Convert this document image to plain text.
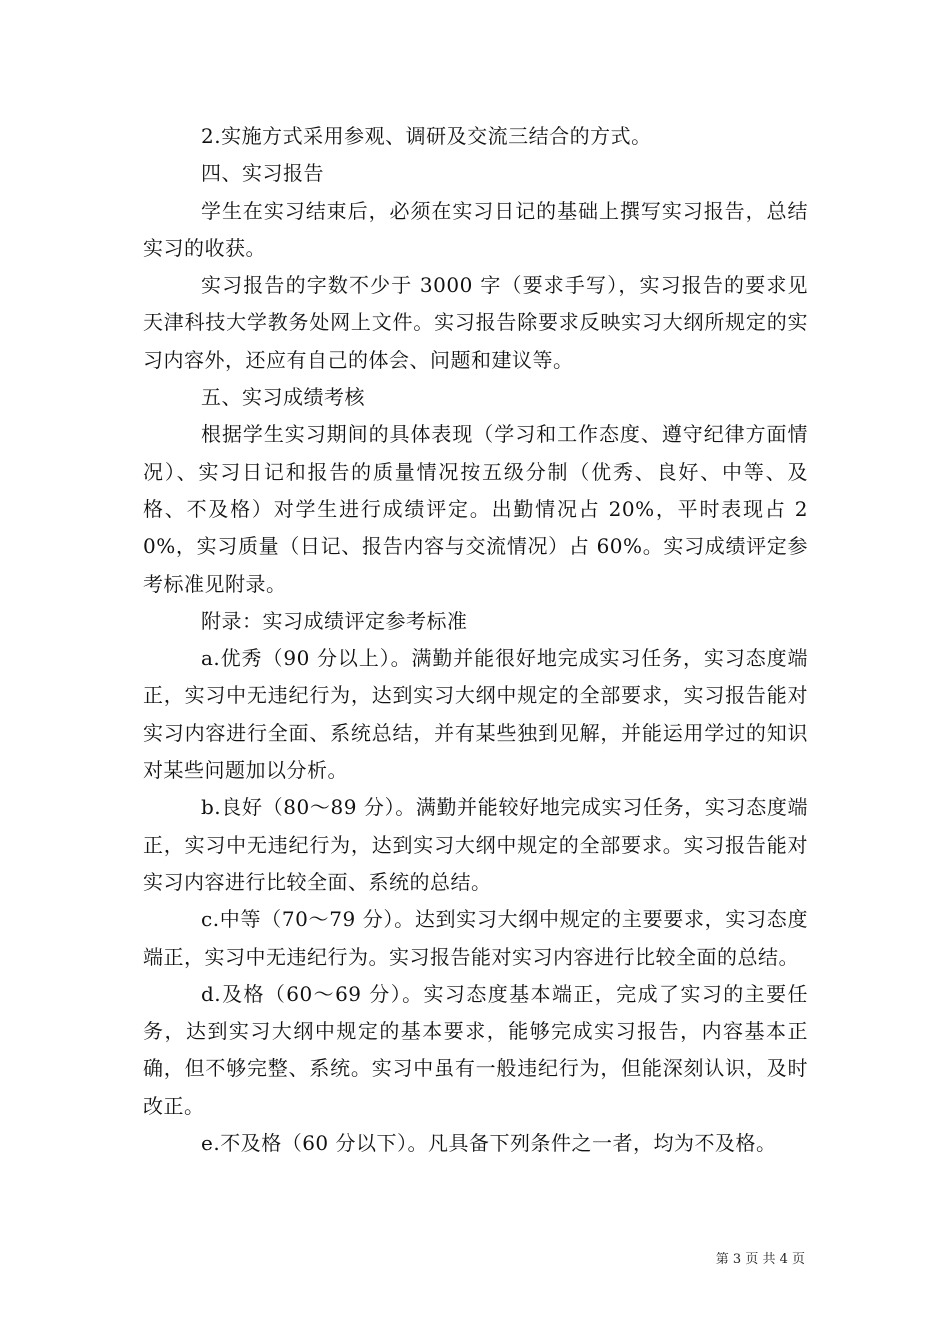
2.实施方式采用参观、调研及交流三结合的方式。

四、实习报告

学生在实习结束后，必须在实习日记的基础上撰写实习报告，总结实习的收获。

实习报告的字数不少于 3000 字（要求手写），实习报告的要求见天津科技大学教务处网上文件。实习报告除要求反映实习大纲所规定的实习内容外，还应有自己的体会、问题和建议等。

五、实习成绩考核

根据学生实习期间的具体表现（学习和工作态度、遵守纪律方面情况）、实习日记和报告的质量情况按五级分制（优秀、良好、中等、及格、不及格）对学生进行成绩评定。出勤情况占 20%，平时表现占 20%，实习质量（日记、报告内容与交流情况）占 60%。实习成绩评定参考标准见附录。

附录：实习成绩评定参考标准

a.优秀（90 分以上）。满勤并能很好地完成实习任务，实习态度端正，实习中无违纪行为，达到实习大纲中规定的全部要求，实习报告能对实习内容进行全面、系统总结，并有某些独到见解，并能运用学过的知识对某些问题加以分析。

b.良好（80～89 分）。满勤并能较好地完成实习任务，实习态度端正，实习中无违纪行为，达到实习大纲中规定的全部要求。实习报告能对实习内容进行比较全面、系统的总结。

c.中等（70～79 分）。达到实习大纲中规定的主要要求，实习态度端正，实习中无违纪行为。实习报告能对实习内容进行比较全面的总结。

d.及格（60～69 分）。实习态度基本端正，完成了实习的主要任务，达到实习大纲中规定的基本要求，能够完成实习报告，内容基本正确，但不够完整、系统。实习中虽有一般违纪行为，但能深刻认识，及时改正。

e.不及格（60 分以下）。凡具备下列条件之一者，均为不及格。

第 3 页 共 4 页
